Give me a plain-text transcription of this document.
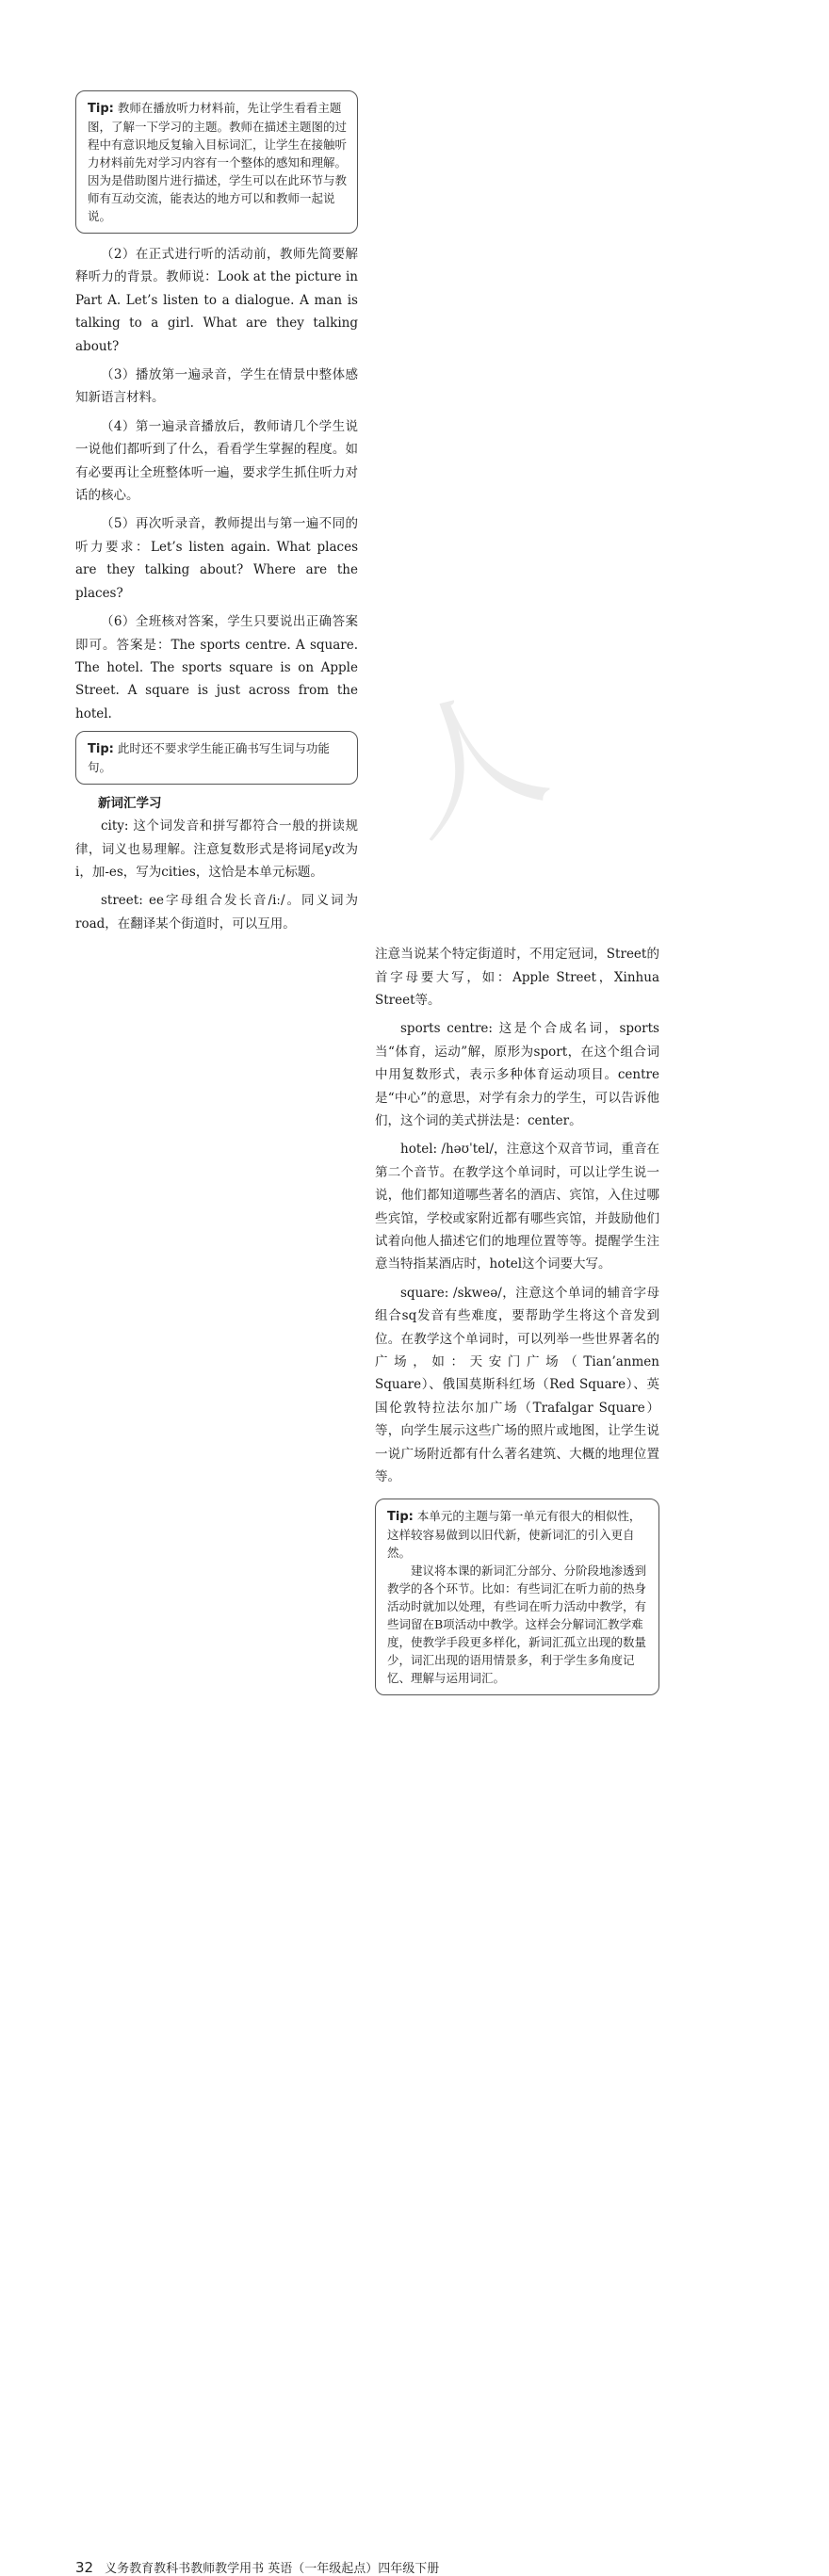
人

Tip: 教师在播放听力材料前，先让学生看看主题图，了解一下学习的主题。教师在描述主题图的过程中有意识地反复输入目标词汇，让学生在接触听力材料前先对学习内容有一个整体的感知和理解。因为是借助图片进行描述，学生可以在此环节与教师有互动交流，能表达的地方可以和教师一起说说。

（2）在正式进行听的活动前，教师先简要解释听力的背景。教师说：Look at the picture in Part A. Let’s listen to a dialogue. A man is talking to a girl. What are they talking about?

（3）播放第一遍录音，学生在情景中整体感知新语言材料。

（4）第一遍录音播放后，教师请几个学生说一说他们都听到了什么，看看学生掌握的程度。如有必要再让全班整体听一遍，要求学生抓住听力对话的核心。

（5）再次听录音，教师提出与第一遍不同的听力要求：Let’s listen again. What places are they talking about? Where are the places?

（6）全班核对答案，学生只要说出正确答案即可。答案是：The sports centre. A square. The hotel. The sports square is on Apple Street. A square is just across from the hotel.

Tip: 此时还不要求学生能正确书写生词与功能句。

新词汇学习

city: 这个词发音和拼写都符合一般的拼读规律，词义也易理解。注意复数形式是将词尾y改为i，加-es，写为cities，这恰是本单元标题。

street: ee字母组合发长音/iː/。同义词为road，在翻译某个街道时，可以互用。

注意当说某个特定街道时，不用定冠词，Street的首字母要大写，如：Apple Street，Xinhua Street等。

sports centre: 这是个合成名词，sports当“体育，运动”解，原形为sport，在这个组合词中用复数形式，表示多种体育运动项目。centre是“中心”的意思，对学有余力的学生，可以告诉他们，这个词的美式拼法是：center。

hotel: /həʊˈtel/，注意这个双音节词，重音在第二个音节。在教学这个单词时，可以让学生说一说，他们都知道哪些著名的酒店、宾馆，入住过哪些宾馆，学校或家附近都有哪些宾馆，并鼓励他们试着向他人描述它们的地理位置等等。提醒学生注意当特指某酒店时，hotel这个词要大写。

square: /skweə/，注意这个单词的辅音字母组合sq发音有些难度，要帮助学生将这个音发到位。在教学这个单词时，可以列举一些世界著名的广场，如：天安门广场（Tian’anmen Square）、俄国莫斯科红场（Red Square）、英国伦敦特拉法尔加广场（Trafalgar Square）等，向学生展示这些广场的照片或地图，让学生说一说广场附近都有什么著名建筑、大概的地理位置等。

Tip: 本单元的主题与第一单元有很大的相似性，这样较容易做到以旧代新，使新词汇的引入更自然。

建议将本课的新词汇分部分、分阶段地渗透到教学的各个环节。比如：有些词汇在听力前的热身活动时就加以处理，有些词在听力活动中教学，有些词留在B项活动中教学。这样会分解词汇教学难度，使教学手段更多样化，新词汇孤立出现的数量少，词汇出现的语用情景多，利于学生多角度记忆、理解与运用词汇。

32 义务教育教科书教师教学用书 英语（一年级起点）四年级下册
